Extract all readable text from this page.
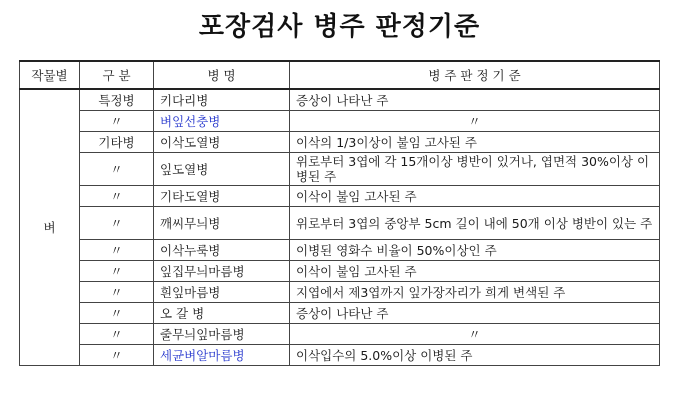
포장검사 병주 판정기준
작물별	구 분	병 명	병 주 판 정 기 준
벼	특정병	키다리병	증상이 나타난 주
	〃	벼잎선충병	〃
	기타병	이삭도열병	이삭의 1/3이상이 불임 고사된 주
	〃	잎도열병	위로부터 3엽에 각 15개이상 병반이 있거나, 엽면적 30%이상 이병된 주
	〃	기타도열병	이삭이 불임 고사된 주
	〃	깨씨무늬병	위로부터 3엽의 중앙부 5cm 길이 내에 50개 이상 병반이 있는 주
	〃	이삭누룩병	이병된 영화수 비율이 50%이상인 주
	〃	잎집무늬마름병	이삭이 불임 고사된 주
	〃	흰잎마름병	지엽에서 제3엽까지 잎가장자리가 희게 변색된 주
	〃	오 갈 병	증상이 나타난 주
	〃	줄무늬잎마름병	〃
	〃	세균벼알마름병	이삭입수의 5.0%이상 이병된 주
